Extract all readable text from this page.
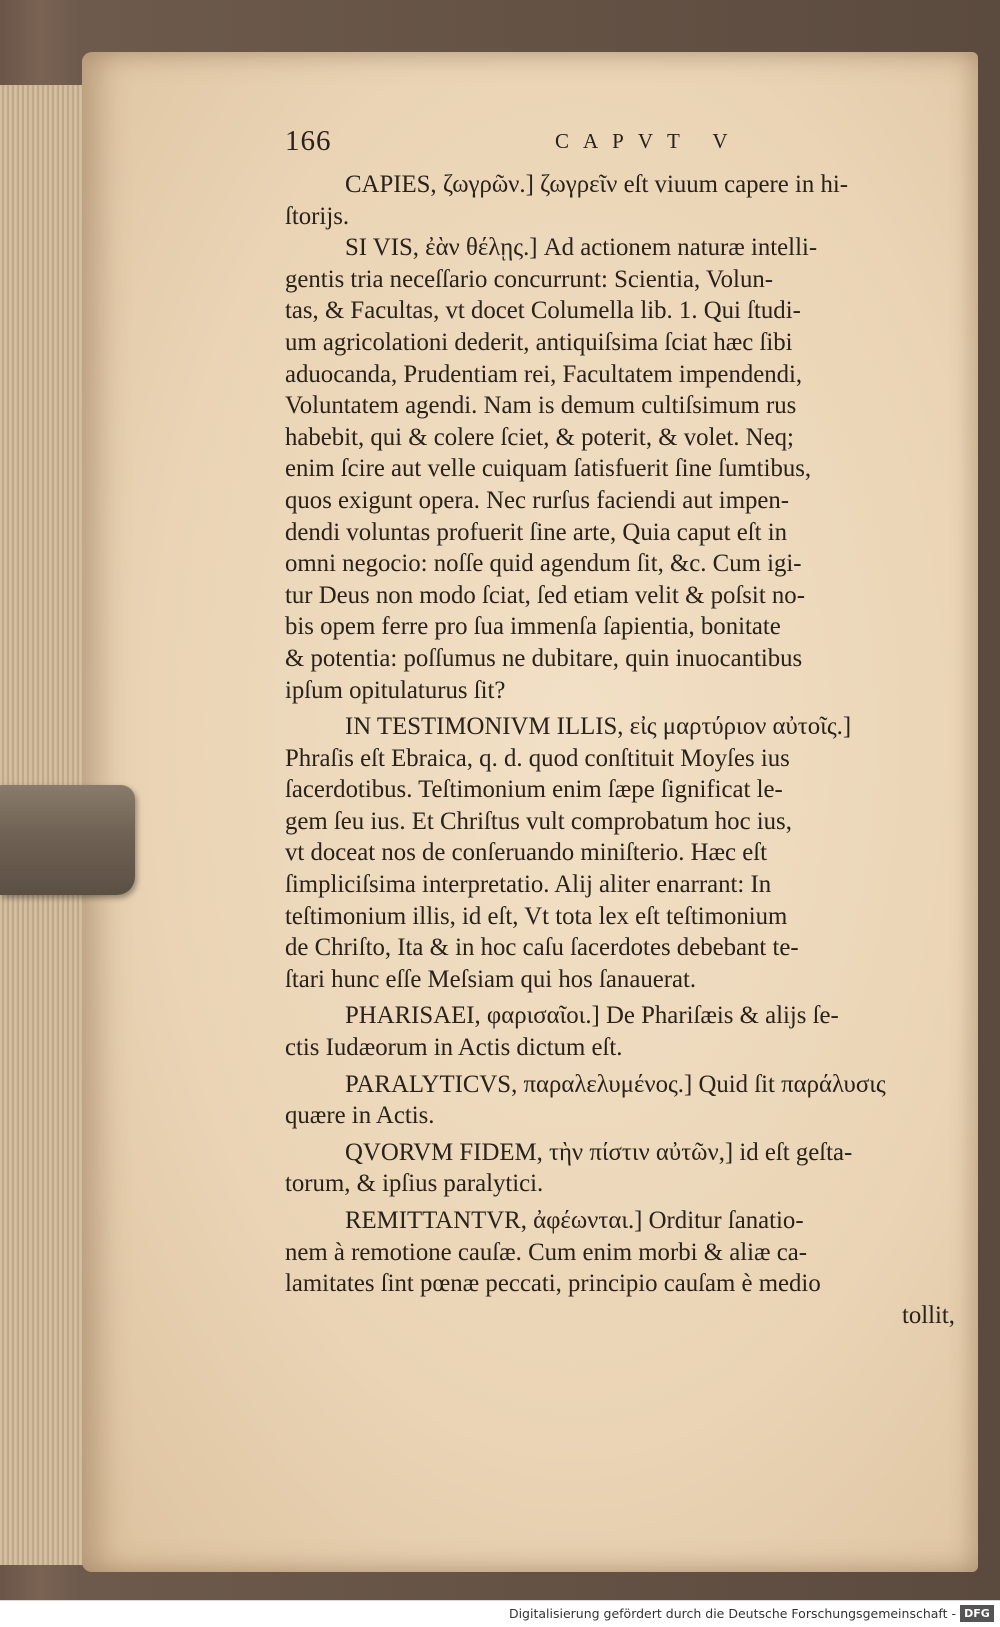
166	CAPVT V
CAPIES, ζωγρῶν.] ζωγρεῖν eſt viuum capere in hi-
ſtorijs.
SI VIS, ἐὰν θέλῃς.] Ad actionem naturæ intelli-
gentis tria neceſſario concurrunt: Scientia, Volun-
tas, & Facultas, vt docet Columella lib. 1. Qui ſtudi-
um agricolationi dederit, antiquiſsima ſciat hæc ſibi
aduocanda, Prudentiam rei, Facultatem impendendi,
Voluntatem agendi. Nam is demum cultiſsimum rus
habebit, qui & colere ſciet, & poterit, & volet. Neq;
enim ſcire aut velle cuiquam ſatisfuerit ſine ſumtibus,
quos exigunt opera. Nec rurſus faciendi aut impen-
dendi voluntas profuerit ſine arte, Quia caput eſt in
omni negocio: noſſe quid agendum ſit, &c. Cum igi-
tur Deus non modo ſciat, ſed etiam velit & poſsit no-
bis opem ferre pro ſua immenſa ſapientia, bonitate
& potentia: poſſumus ne dubitare, quin inuocantibus
ipſum opitulaturus ſit?
IN TESTIMONIVM ILLIS, εἰς μαρτύριον αὐτοῖς.]
Phraſis eſt Ebraica, q. d. quod conſtituit Moyſes ius
ſacerdotibus. Teſtimonium enim ſæpe ſignificat le-
gem ſeu ius. Et Chriſtus vult comprobatum hoc ius,
vt doceat nos de conſeruando miniſterio. Hæc eſt
ſimpliciſsima interpretatio. Alij aliter enarrant: In
teſtimonium illis, id eſt, Vt tota lex eſt teſtimonium
de Chriſto, Ita & in hoc caſu ſacerdotes debebant te-
ſtari hunc eſſe Meſsiam qui hos ſanauerat.
PHARISAEI, φαρισαῖοι.] De Phariſæis & alijs ſe-
ctis Iudæorum in Actis dictum eſt.
PARALYTICVS, παραλελυμένος.] Quid ſit παράλυσις
quære in Actis.
QVORVM FIDEM, τὴν πίστιν αὐτῶν,] id eſt geſta-
torum, & ipſius paralytici.
REMITTANTVR, ἀφέωνται.] Orditur ſanatio-
nem à remotione cauſæ. Cum enim morbi & aliæ ca-
lamitates ſint pœnæ peccati, principio cauſam è medio
tollit,
Digitalisierung gefördert durch die Deutsche Forschungsgemeinschaft - DFG
